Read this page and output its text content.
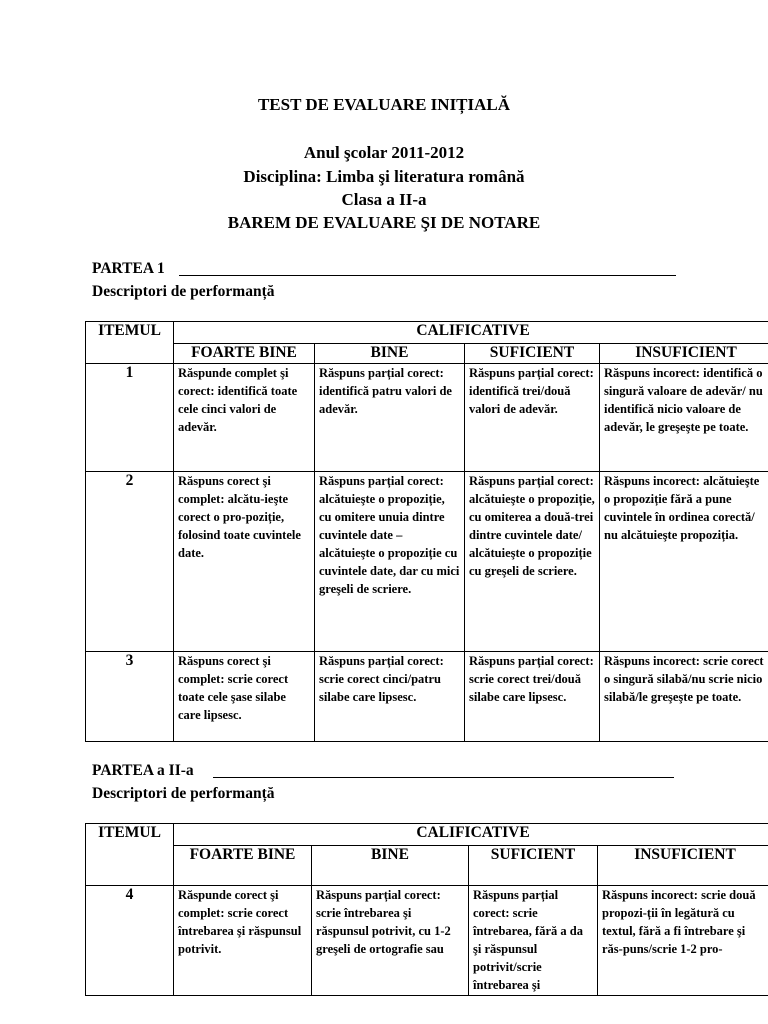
TEST DE EVALUARE INIȚIALĂ
Anul şcolar 2011-2012
Disciplina: Limba şi literatura română
Clasa a II-a
BAREM DE EVALUARE ŞI DE NOTARE
PARTEA 1
Descriptori de performanță
ITEMUL	CALIFICATIVE			
	FOARTE BINE	BINE	SUFICIENT	INSUFICIENT
1	Răspunde complet şi corect: identifică toate cele cinci valori de adevăr.	Răspuns parțial corect: identifică patru valori de adevăr.	Răspuns parțial corect: identifică trei/două valori de adevăr.	Răspuns incorect: identifică o singură valoare de adevăr/ nu identifică nicio valoare de adevăr, le greşeşte pe toate.
2	Răspuns corect şi complet: alcătu-ieşte corect o pro-poziție, folosind toate cuvintele date.	Răspuns parțial corect: alcătuieşte o propoziție, cu omitere unuia dintre cuvintele date – alcătuieşte o propoziție cu cuvintele date, dar cu mici greşeli de scriere.	Răspuns parțial corect: alcătuieşte o propoziție, cu omiterea a două-trei dintre cuvintele date/ alcătuieşte o propoziție cu greşeli de scriere.	Răspuns incorect: alcătuieşte o propoziție fără a pune cuvintele în ordinea corectă/ nu alcătuieşte propoziția.
3	Răspuns corect şi complet: scrie corect toate cele şase silabe care lipsesc.	Răspuns parțial corect: scrie corect cinci/patru silabe care lipsesc.	Răspuns parțial corect: scrie corect trei/două silabe care lipsesc.	Răspuns incorect: scrie corect o singură silabă/nu scrie nicio silabă/le greşeşte pe toate.
PARTEA a II-a
Descriptori de performanță
ITEMUL	CALIFICATIVE			
	FOARTE BINE	BINE	SUFICIENT	INSUFICIENT
4	Răspunde corect şi complet: scrie corect întrebarea şi răspunsul potrivit.	Răspuns parțial corect: scrie întrebarea şi răspunsul potrivit, cu 1-2 greşeli de ortografie sau	Răspuns parțial corect: scrie întrebarea, fără a da şi răspunsul potrivit/scrie întrebarea şi	Răspuns incorect: scrie două propozi-ții în legătură cu textul, fără a fi întrebare şi răs-puns/scrie 1-2 pro-
